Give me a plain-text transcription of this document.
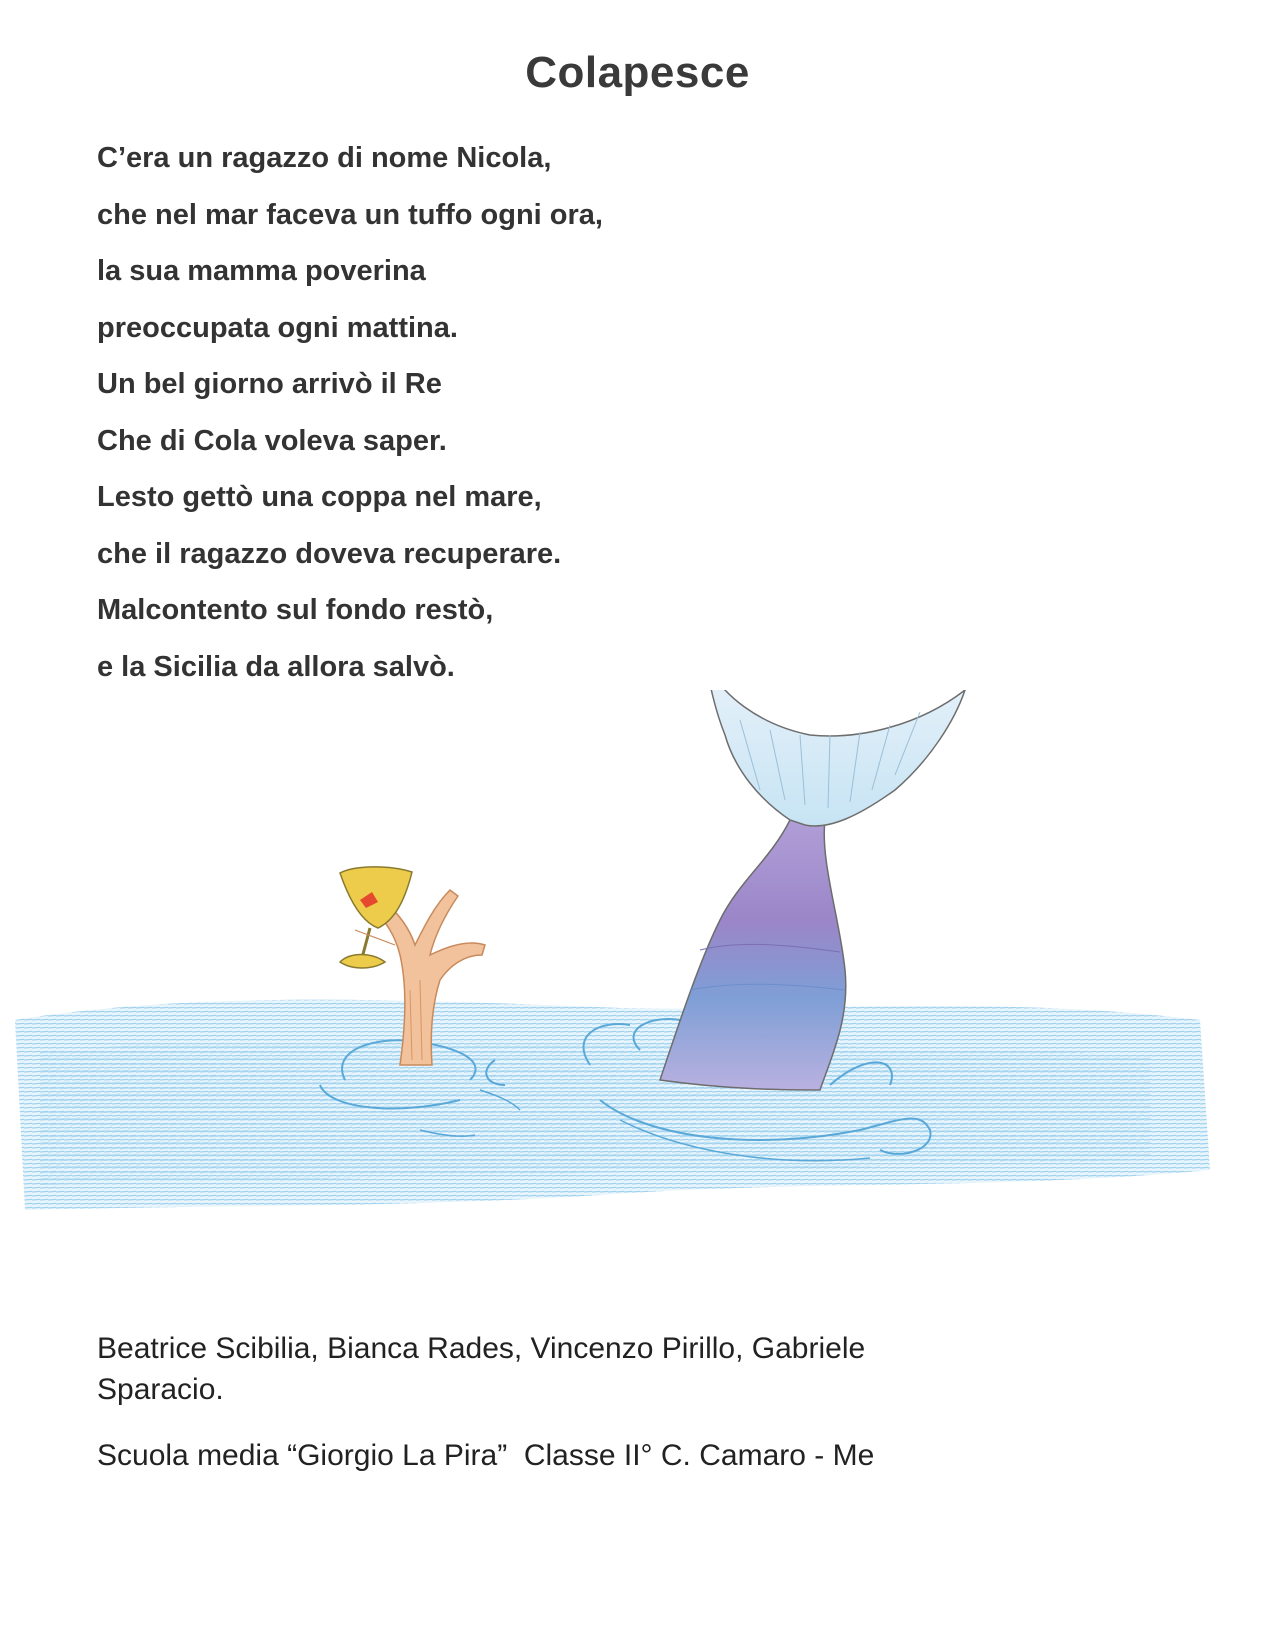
Colapesce
C’era un ragazzo di nome Nicola,
che nel mar faceva un tuffo ogni ora,
la sua mamma poverina
preoccupata ogni mattina.
Un bel giorno arrivò il Re
Che di Cola voleva saper.
Lesto gettò una coppa nel mare,
che il ragazzo doveva recuperare.
Malcontento sul fondo restò,
e la Sicilia da allora salvò.
Beatrice Scibilia, Bianca Rades, Vincenzo Pirillo, Gabriele Sparacio.
Scuola media “Giorgio La Pira”  Classe II° C. Camaro - Me
